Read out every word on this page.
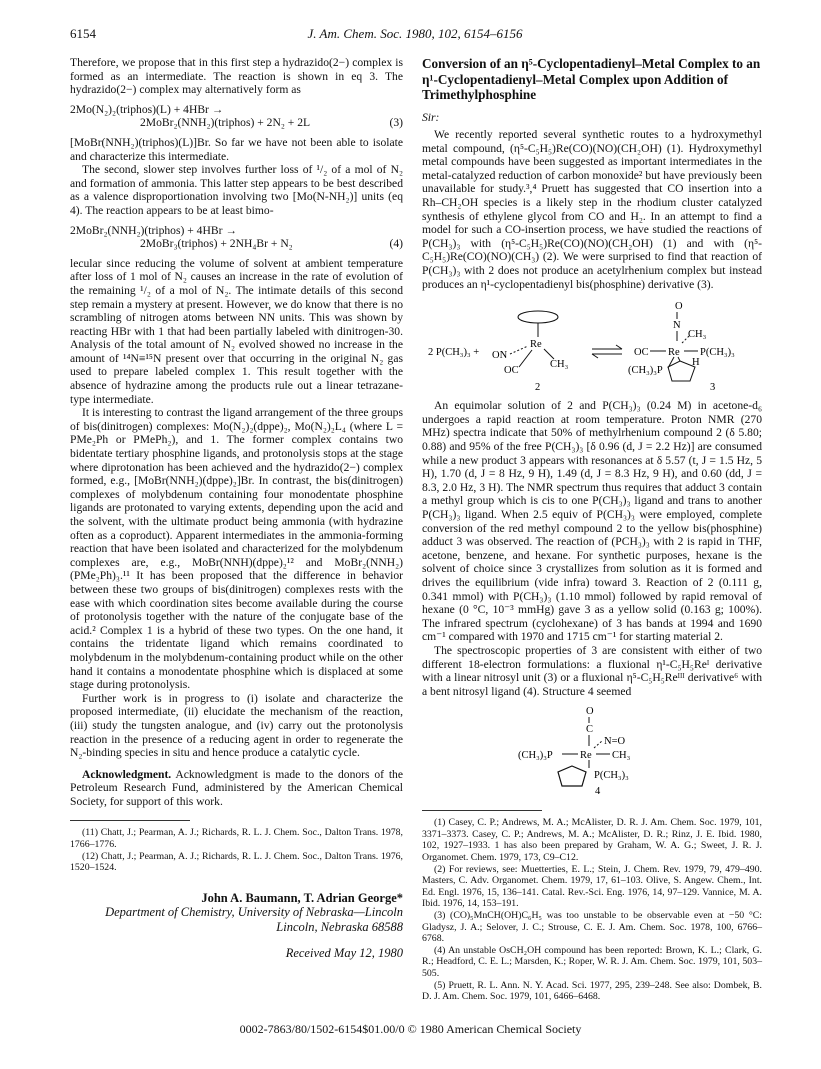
6154	J. Am. Chem. Soc. 1980, 102, 6154–6156

Therefore, we propose that in this first step a hydrazido(2−) complex is formed as an intermediate. The reaction is shown in eq 3. The hydrazido(2−) complex may alternatively form as

2Mo(N₂)₂(triphos)(L) + 4HBr →
2MoBr₂(NNH₂)(triphos) + 2N₂ + 2L	(3)

[MoBr(NNH₂)(triphos)(L)]Br. So far we have not been able to isolate and characterize this intermediate.

The second, slower step involves further loss of ¹/₂ of a mol of N₂ and formation of ammonia. This latter step appears to be best described as a valence disproportionation involving two [Mo(N-NH₂)] units (eq 4). The reaction appears to be at least bimo-

2MoBr₂(NNH₂)(triphos) + 4HBr →
2MoBr₃(triphos) + 2NH₄Br + N₂	(4)

lecular since reducing the volume of solvent at ambient temperature after loss of 1 mol of N₂ causes an increase in the rate of evolution of the remaining ¹/₂ of a mol of N₂. The intimate details of this second step remain a mystery at present. However, we do know that there is no scrambling of nitrogen atoms between NN units. This was shown by reacting HBr with 1 that had been partially labeled with dinitrogen-30. Analysis of the total amount of N₂ evolved showed no increase in the amount of ¹⁴N≡¹⁵N present over that occurring in the original N₂ gas used to prepare labeled complex 1. This result together with the absence of hydrazine among the products rule out a linear tetrazane-type intermediate.

It is interesting to contrast the ligand arrangement of the three groups of bis(dinitrogen) complexes: Mo(N₂)₂(dppe)₂, Mo(N₂)₂L₄ (where L = PMe₂Ph or PMePh₂), and 1. The former complex contains two bidentate tertiary phosphine ligands, and protonolysis stops at the stage where diprotonation has been achieved and the hydrazido(2−) complex formed, e.g., [MoBr(NNH₂)(dppe)₂]Br. In contrast, the bis(dinitrogen) complexes of molybdenum containing four monodentate phosphine ligands are protonated to varying extents, depending upon the acid and the solvent, with the ultimate product being ammonia (with hydrazine often as a coproduct). Apparent intermediates in the ammonia-forming reaction that have been isolated and characterized for the molybdenum complexes are, e.g., MoBr(NNH)(dppe)₂¹² and MoBr₂(NNH₂)(PMe₂Ph)₃.¹¹ It has been proposed that the difference in behavior between these two groups of bis(dinitrogen) complexes rests with the ease with which coordination sites become available during the course of protonolysis together with the nature of the conjugate base of the acid.² Complex 1 is a hybrid of these two types. On the one hand, it contains the tridentate ligand which remains coordinated to molybdenum in the molybdenum-containing product while on the other hand it contains a monodentate phosphine which is displaced at some stage during protonolysis.

Further work is in progress to (i) isolate and characterize the proposed intermediate, (ii) elucidate the mechanism of the reaction, (iii) study the tungsten analogue, and (iv) carry out the protonolysis reaction in the presence of a reducing agent in order to regenerate the N₂-binding species in situ and hence produce a catalytic cycle.

Acknowledgment. Acknowledgment is made to the donors of the Petroleum Research Fund, administered by the American Chemical Society, for support of this work.

(11) Chatt, J.; Pearman, A. J.; Richards, R. L. J. Chem. Soc., Dalton Trans. 1978, 1766–1776.
(12) Chatt, J.; Pearman, A. J.; Richards, R. L. J. Chem. Soc., Dalton Trans. 1976, 1520–1524.
John A. Baumann, T. Adrian George*
Department of Chemistry, University of Nebraska—Lincoln
Lincoln, Nebraska 68588
Received May 12, 1980
Conversion of an η⁵-Cyclopentadienyl–Metal Complex to an η¹-Cyclopentadienyl–Metal Complex upon Addition of Trimethylphosphine

Sir:

We recently reported several synthetic routes to a hydroxymethyl metal compound, (η⁵-C₅H₅)Re(CO)(NO)(CH₂OH) (1). Hydroxymethyl metal compounds have been suggested as important intermediates in the metal-catalyzed reduction of carbon monoxide² but have previously been unavailable for study.³,⁴ Pruett has suggested that CO insertion into a Rh–CH₂OH species is a likely step in the rhodium cluster catalyzed synthesis of ethylene glycol from CO and H₂. In an attempt to find a model for such a CO-insertion process, we have studied the reactions of P(CH₃)₃ with (η⁵-C₅H₅)Re(CO)(NO)(CH₂OH) (1) and with (η⁵-C₅H₅)Re(CO)(NO)(CH₃) (2). We were surprised to find that reaction of P(CH₃)₃ with 2 does not produce an acetylrhenium complex but instead produces an η¹-cyclopentadienyl bis(phosphine) derivative (3).

2 P(CH₃)₃ +
Re
ON
OC
CH₃
2
O
N
CH₃
OC Re P(CH₃)₃
(CH₃)₃P
H
3

An equimolar solution of 2 and P(CH₃)₃ (0.24 M) in acetone-d₆ undergoes a rapid reaction at room temperature. Proton NMR (270 MHz) spectra indicate that 50% of methylrhenium compound 2 (δ 5.80; 0.88) and 95% of the free P(CH₃)₃ [δ 0.96 (d, J = 2.2 Hz)] are consumed while a new product 3 appears with resonances at δ 5.57 (t, J = 1.5 Hz, 5 H), 1.70 (d, J = 8 Hz, 9 H), 1.49 (d, J = 8.3 Hz, 9 H), and 0.60 (dd, J = 8.3, 2.0 Hz, 3 H). The NMR spectrum thus requires that adduct 3 contain a methyl group which is cis to one P(CH₃)₃ ligand and trans to another P(CH₃)₃ ligand. When 2.5 equiv of P(CH₃)₃ were employed, complete conversion of the red methyl compound 2 to the yellow bis(phosphine) adduct 3 was observed. The reaction of (PCH₃)₃ with 2 is rapid in THF, acetone, benzene, and hexane. For synthetic purposes, hexane is the solvent of choice since 3 crystallizes from solution as it is formed and drives the equilibrium (vide infra) toward 3. Reaction of 2 (0.111 g, 0.341 mmol) with P(CH₃)₃ (1.10 mmol) followed by rapid removal of hexane (0 °C, 10⁻³ mmHg) gave 3 as a yellow solid (0.163 g; 100%). The infrared spectrum (cyclohexane) of 3 has bands at 1994 and 1690 cm⁻¹ compared with 1970 and 1715 cm⁻¹ for starting material 2.

The spectroscopic properties of 3 are consistent with either of two different 18-electron formulations: a fluxional η¹-C₅H₅Reᴵ derivative with a linear nitrosyl unit (3) or a fluxional η⁵-C₅H₅Reᴵᴵᴵ derivative⁶ with a bent nitrosyl ligand (4). Structure 4 seemed

O
C
N=O
(CH₃)₃P	Re CH₃
P(CH₃)₃
4
(1) Casey, C. P.; Andrews, M. A.; McAlister, D. R. J. Am. Chem. Soc. 1979, 101, 3371–3373. Casey, C. P.; Andrews, M. A.; McAlister, D. R.; Rinz, J. E. Ibid. 1980, 102, 1927–1933. 1 has also been prepared by Graham, W. A. G.; Sweet, J. R. J. Organomet. Chem. 1979, 173, C9–C12.
(2) For reviews, see: Muetterties, E. L.; Stein, J. Chem. Rev. 1979, 79, 479–490. Masters, C. Adv. Organomet. Chem. 1979, 17, 61–103. Olive, S. Angew. Chem., Int. Ed. Engl. 1976, 15, 136–141. Catal. Rev.-Sci. Eng. 1976, 14, 97–129. Vannice, M. A. Ibid. 1976, 14, 153–191.
(3) (CO)₅MnCH(OH)C₆H₅ was too unstable to be observable even at −50 °C: Gladysz, J. A.; Selover, J. C.; Strouse, C. E. J. Am. Chem. Soc. 1978, 100, 6766–6768.
(4) An unstable OsCH₂OH compound has been reported: Brown, K. L.; Clark, G. R.; Headford, C. E. L.; Marsden, K.; Roper, W. R. J. Am. Chem. Soc. 1979, 101, 503–505.
(5) Pruett, R. L. Ann. N. Y. Acad. Sci. 1977, 295, 239–248. See also: Dombek, B. D. J. Am. Chem. Soc. 1979, 101, 6466–6468.
0002-7863/80/1502-6154$01.00/0 © 1980 American Chemical Society
